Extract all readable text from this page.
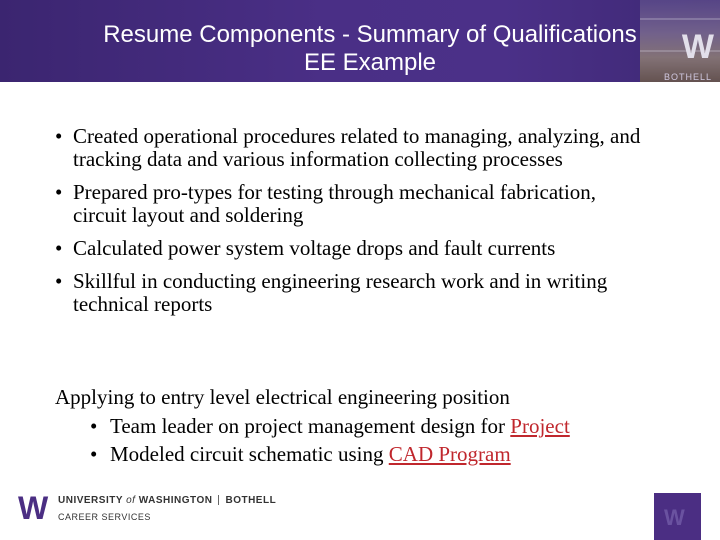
W
BOTHELL
Resume Components - Summary of Qualifications
EE Example
• Created operational procedures related to managing, analyzing, and tracking data and various information collecting processes
• Prepared pro-types for testing through mechanical fabrication, circuit layout and soldering
• Calculated power system voltage drops and fault currents
• Skillful in conducting engineering research work and in writing technical reports
Applying to entry level electrical engineering position
• Team leader on project management design for Project
• Modeled circuit schematic using CAD Program
W UNIVERSITY of WASHINGTON BOTHELL
CAREER SERVICES	W
